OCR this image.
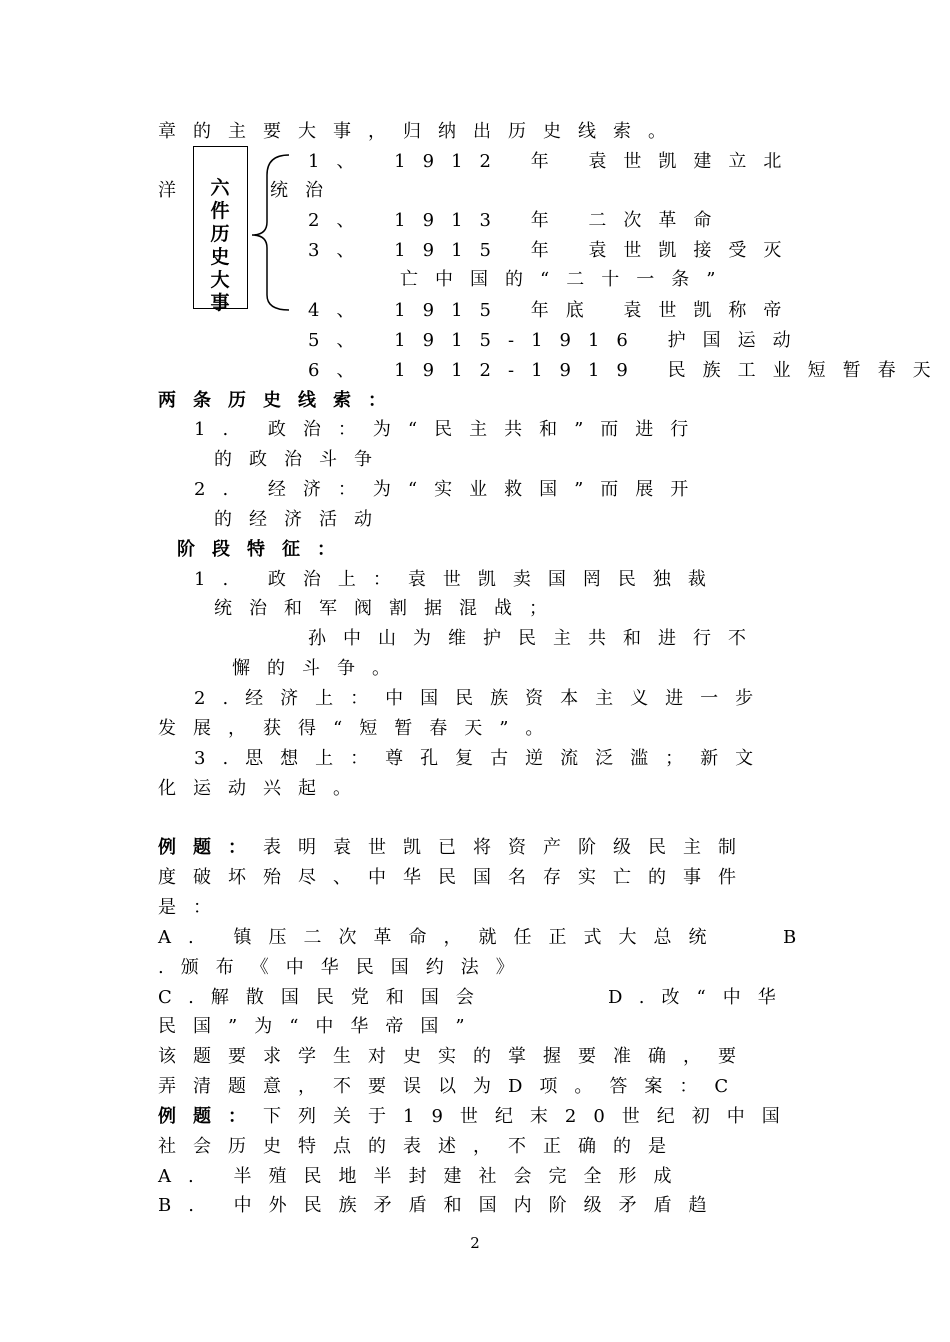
章的主要大事，归纳出历史线索。
六件历史大事
洋
1、 1912 年 袁世凯建立北
统治
2、 1913 年 二次革命
3、 1915 年 袁世凯接受灭
亡中国的“二十一条”
4、 1915 年底 袁世凯称帝
5、 1915-1916 护国运动
6、 1912-1919 民族工业短暂春天
两条历史线索：
1. 政治：为“民主共和”而进行
的政治斗争
2. 经济：为“实业救国”而展开
的经济活动
阶段特征：
1. 政治上：袁世凯卖国罔民独裁
统治和军阀割据混战；
孙中山为维护民主共和进行不
懈的斗争。
2.经济上：中国民族资本主义进一步
发展，获得“短暂春天”。
3.思想上：尊孔复古逆流泛滥；新文
化运动兴起。
例题：表明袁世凯已将资产阶级民主制
度破坏殆尽、中华民国名存实亡的事件
是：
A. 镇压二次革命，就任正式大总统	B
.颁布《中华民国约法》
C.解散国民党和国会	D.改“中华
民国”为“中华帝国”
该题要求学生对史实的掌握要准确，要
弄清题意，不要误以为D项。答案：C
例题：下列关于19世纪末20世纪初中国
社会历史特点的表述，不正确的是
A. 半殖民地半封建社会完全形成
B. 中外民族矛盾和国内阶级矛盾趋
2
